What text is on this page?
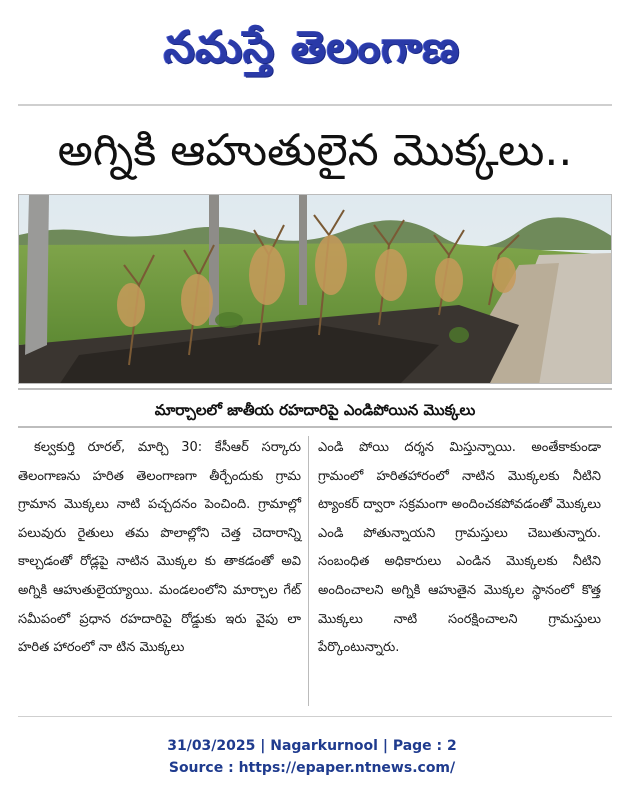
నమస్తే తెలంగాణ
అగ్నికి ఆహుతులైన మొక్కలు..
మార్చాలలో జాతీయ రహదారిపై ఎండిపోయిన మొక్కలు
కల్వకుర్తి రూరల్, మార్చి 30: కేసీఆర్ సర్కారు తెలంగాణను హరిత తెలంగాణగా తీర్చేందుకు గ్రామ గ్రామాన మొక్కలు నాటి పచ్చదనం పెంచింది. గ్రామాల్లో పలువురు రైతులు తమ పొలాల్లోని చెత్త చెదారాన్ని కాల్చడంతో రోడ్లపై నాటిన మొక్కల కు తాకడంతో అవి అగ్నికి ఆహుతులైయ్యాయి. మండలంలోని మార్చాల గేట్ సమీపంలో ప్రధాన రహదారిపై రోడ్డుకు ఇరు వైపు లా హరిత హారంలో నా టిన మొక్కలు
ఎండి పోయి దర్శన మిస్తున్నాయి. అంతేకాకుండా గ్రామంలో హరితహారంలో నాటిన మొక్కలకు నీటిని ట్యాంకర్ ద్వారా సక్రమంగా అందించకపోవడంతో మొక్కలు ఎండి పోతున్నాయని గ్రామస్తులు చెబుతున్నారు. సంబంధిత అధికారులు ఎండిన మొక్కలకు నీటిని అందించాలని అగ్నికి ఆహుతైన మొక్కల స్థానంలో కొత్త మొక్కలు నాటి సంరక్షించాలని గ్రామస్తులు పేర్కొంటున్నారు.
31/03/2025 | Nagarkurnool | Page : 2
Source : https://epaper.ntnews.com/
